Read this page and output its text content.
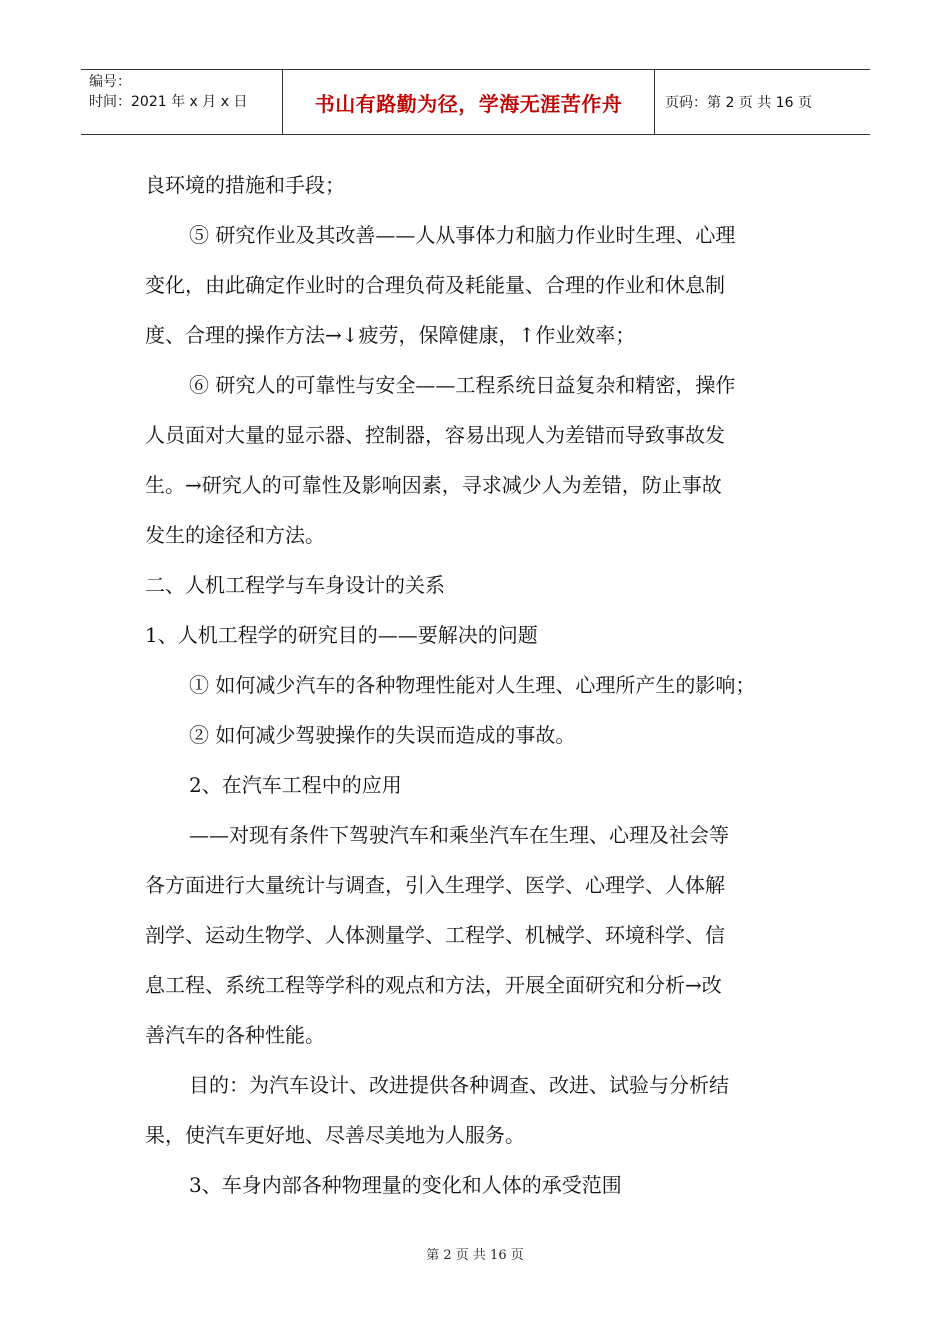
编号：
时间：2021 年 x 月 x 日	书山有路勤为径，学海无涯苦作舟	页码：第 2 页 共 16 页

良环境的措施和手段；

⑤ 研究作业及其改善——人从事体力和脑力作业时生理、心理

变化，由此确定作业时的合理负荷及耗能量、合理的作业和休息制

度、合理的操作方法→↓疲劳，保障健康，↑作业效率；

⑥ 研究人的可靠性与安全——工程系统日益复杂和精密，操作

人员面对大量的显示器、控制器，容易出现人为差错而导致事故发

生。→研究人的可靠性及影响因素，寻求减少人为差错，防止事故

发生的途径和方法。

二、人机工程学与车身设计的关系

1、人机工程学的研究目的——要解决的问题

① 如何减少汽车的各种物理性能对人生理、心理所产生的影响；

② 如何减少驾驶操作的失误而造成的事故。

2、在汽车工程中的应用

——对现有条件下驾驶汽车和乘坐汽车在生理、心理及社会等

各方面进行大量统计与调查，引入生理学、医学、心理学、人体解

剖学、运动生物学、人体测量学、工程学、机械学、环境科学、信

息工程、系统工程等学科的观点和方法，开展全面研究和分析→改

善汽车的各种性能。

目的：为汽车设计、改进提供各种调查、改进、试验与分析结

果，使汽车更好地、尽善尽美地为人服务。

3、车身内部各种物理量的变化和人体的承受范围

第 2 页 共 16 页
